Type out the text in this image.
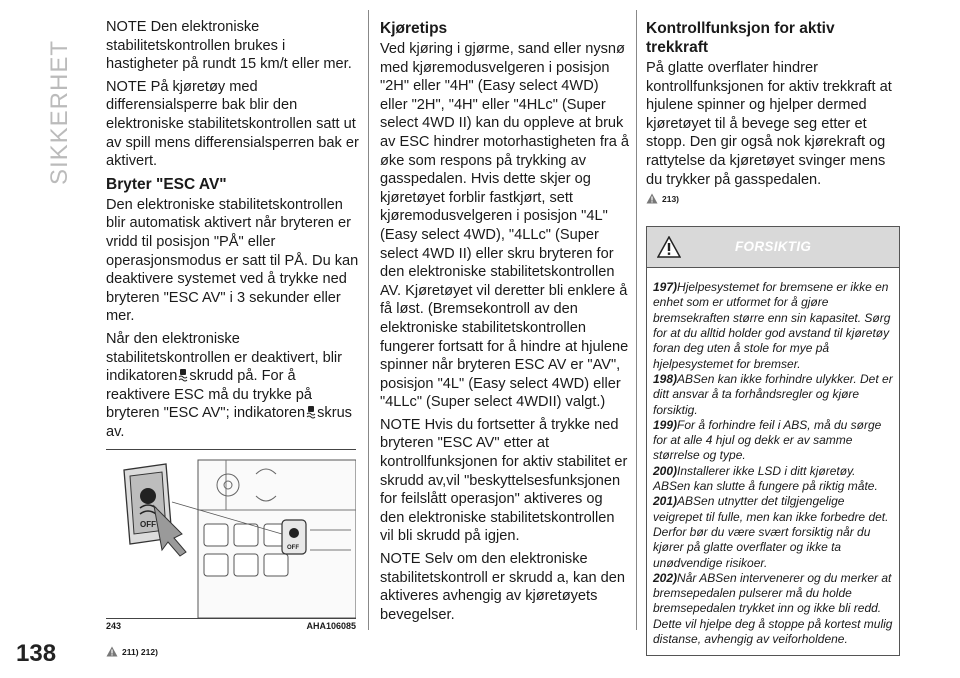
SIKKERHET
138

NOTE Den elektroniske stabilitetskontrollen brukes i hastigheter på rundt 15 km/t eller mer.

NOTE På kjøretøy med differensialsperre bak blir den elektroniske stabilitetskontrollen satt ut av spill mens differensialsperren bak er aktivert.

Bryter "ESC AV"

Den elektroniske stabilitetskontrollen blir automatisk aktivert når bryteren er vridd til posisjon "PÅ" eller operasjonsmodus er satt til PÅ. Du kan deaktivere systemet ved å trykke ned bryteren "ESC AV" i 3 sekunder eller mer.

Når den elektroniske stabilitetskontrollen er deaktivert, blir indikatoren skrudd på. For å reaktivere ESC må du trykke på bryteren "ESC AV"; indikatoren skrus av.

OFF
OFF
243	AHA106085
211) 212)
Kjøretips

Ved kjøring i gjørme, sand eller nysnø med kjøremodusvelgeren i posisjon "2H" eller "4H" (Easy select 4WD) eller "2H", "4H" eller "4HLc" (Super select 4WD II) kan du oppleve at bruk av ESC hindrer motorhastigheten fra å øke som respons på trykking av gasspedalen. Hvis dette skjer og kjøretøyet forblir fastkjørt, sett kjøremodusvelgeren i posisjon "4L" (Easy select 4WD), "4LLc" (Super select 4WD II) eller skru bryteren for den elektroniske stabilitetskontrollen AV. Kjøretøyet vil deretter bli enklere å få løst. (Bremsekontroll av den elektroniske stabilitetskontrollen fungerer fortsatt for å hindre at hjulene spinner når bryteren ESC AV er "AV", posisjon "4L" (Easy select 4WD) eller "4LLc" (Super select 4WDII) valgt.)

NOTE Hvis du fortsetter å trykke ned bryteren "ESC AV" etter at kontrollfunksjonen for aktiv stabilitet er skrudd av,vil "beskyttelsesfunksjonen for feilslått operasjon" aktiveres og den elektroniske stabilitetskontrollen vil bli skrudd på igjen.

NOTE Selv om den elektroniske stabilitetskontroll er skrudd a, kan den aktiveres avhengig av kjøretøyets bevegelser.

Kontrollfunksjon for aktiv trekkraft

På glatte overflater hindrer kontrollfunksjonen for aktiv trekkraft at hjulene spinner og hjelper dermed kjøretøyet til å bevege seg etter et stopp. Den gir også nok kjørekraft og rattytelse da kjøretøyet svinger mens du trykker på gasspedalen.

213)
FORSIKTIG

197)Hjelpesystemet for bremsene er ikke en enhet som er utformet for å gjøre bremsekraften større enn sin kapasitet. Sørg for at du alltid holder god avstand til kjøretøy foran deg uten å stole for mye på hjelpesystemet for bremser.

198)ABSen kan ikke forhindre ulykker. Det er ditt ansvar å ta forhåndsregler og kjøre forsiktig.

199)For å forhindre feil i ABS, må du sørge for at alle 4 hjul og dekk er av samme størrelse og type.

200)Installerer ikke LSD i ditt kjøretøy. ABSen kan slutte å fungere på riktig måte.

201)ABSen utnytter det tilgjengelige veigrepet til fulle, men kan ikke forbedre det. Derfor bør du være svært forsiktig når du kjører på glatte overflater og ikke ta unødvendige risikoer.

202)Når ABSen intervenerer og du merker at bremsepedalen pulserer må du holde bremsepedalen trykket inn og ikke bli redd. Dette vil hjelpe deg å stoppe på kortest mulig distanse, avhengig av veiforholdene.
